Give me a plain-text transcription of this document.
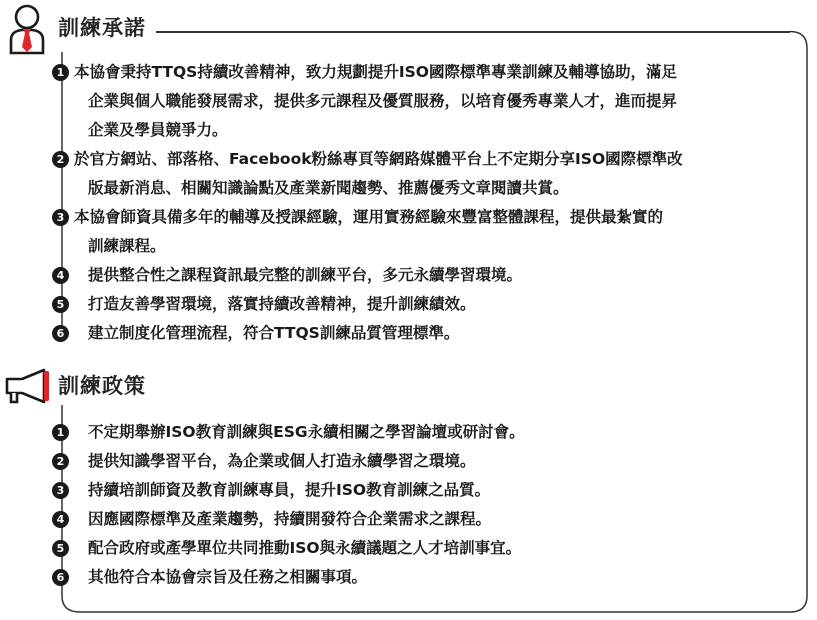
訓練承諾
1 本協會秉持TTQS持續改善精神，致力規劃提升ISO國際標準專業訓練及輔導協助，滿足
企業與個人職能發展需求，提供多元課程及優質服務，以培育優秀專業人才，進而提昇
企業及學員競爭力。
2 於官方網站、部落格、Facebook粉絲專頁等網路媒體平台上不定期分享ISO國際標準改
版最新消息、相關知識論點及產業新聞趨勢、推薦優秀文章閱讀共賞。
3 本協會師資具備多年的輔導及授課經驗，運用實務經驗來豐富整體課程，提供最紮實的
訓練課程。
4	提供整合性之課程資訊最完整的訓練平台，多元永續學習環境。
5	打造友善學習環境，落實持續改善精神，提升訓練績效。
6	建立制度化管理流程，符合TTQS訓練品質管理標準。
訓練政策
1	不定期舉辦ISO教育訓練與ESG永續相關之學習論壇或研討會。
2	提供知識學習平台，為企業或個人打造永續學習之環境。
3	持續培訓師資及教育訓練專員，提升ISO教育訓練之品質。
4	因應國際標準及產業趨勢，持續開發符合企業需求之課程。
5	配合政府或產學單位共同推動ISO與永續議題之人才培訓事宜。
6	其他符合本協會宗旨及任務之相關事項。
